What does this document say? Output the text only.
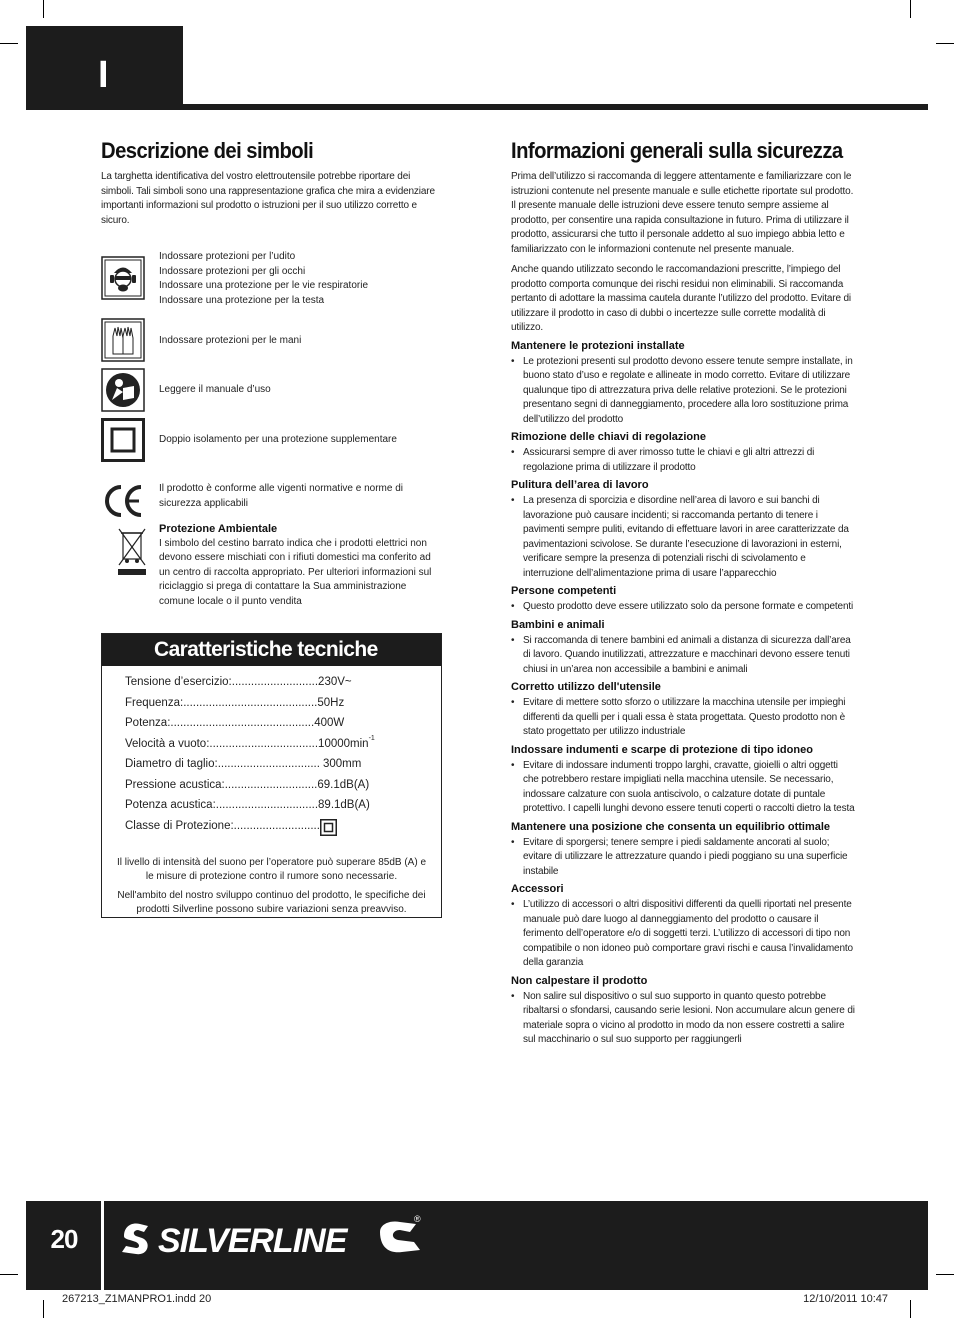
I
Descrizione dei simboli

La targhetta identificativa del vostro elettroutensile potrebbe riportare dei simboli. Tali simboli sono una rappresentazione grafica che mira a evidenziare importanti informazioni sul prodotto o istruzioni per il suo utilizzo corretto e sicuro.

Indossare protezioni per l’udito
Indossare protezioni per gli occhi
Indossare una protezione per le vie respiratorie
Indossare una protezione per la testa
Indossare protezioni per le mani
Leggere il manuale d’uso
Doppio isolamento per una protezione supplementare
Il prodotto è conforme alle vigenti normative e norme di sicurezza applicabili
Protezione Ambientale
I simbolo del cestino barrato indica che i prodotti elettrici non devono essere mischiati con i rifiuti domestici ma conferito ad un centro di raccolta appropriato. Per ulteriori informazioni sul riciclaggio si prega di contattare la Sua amministrazione comune locale o il punto vendita
Caratteristiche tecniche
Tensione d’esercizio: ........................... 230V~
Frequenza: .......................................... 50Hz
Potenza: ............................................. 400W
Velocità a vuoto: .................................. 10000min -1
Diametro di taglio: ................................ 300mm
Pressione acustica: ............................. 69.1dB(A)
Potenza acustica: ................................ 89.1dB(A)
Classe di Protezione: ...........................

Il livello di intensità del suono per l’operatore può superare 85dB (A) e le misure di protezione contro il rumore sono necessarie.

Nell'ambito del nostro sviluppo continuo del prodotto, le specifiche dei prodotti Silverline possono subire variazioni senza preavviso.

Informazioni generali sulla sicurezza

Prima dell’utilizzo si raccomanda di leggere attentamente e familiarizzare con le istruzioni contenute nel presente manuale e sulle etichette riportate sul prodotto. Il presente manuale delle istruzioni deve essere tenuto sempre assieme al prodotto, per consentire una rapida consultazione in futuro. Prima di utilizzare il prodotto, assicurarsi che tutto il personale addetto al suo impiego abbia letto e familiarizzato con le informazioni contenute nel presente manuale.

Anche quando utilizzato secondo le raccomandazioni prescritte, l’impiego del prodotto comporta comunque dei rischi residui non eliminabili. Si raccomanda pertanto di adottare la massima cautela durante l’utilizzo del prodotto. Evitare di utilizzare il prodotto in caso di dubbi o incertezze sulle corrette modalità di utilizzo.

Mantenere le protezioni installate
• Le protezioni presenti sul prodotto devono essere tenute sempre installate, in buono stato d’uso e regolate e allineate in modo corretto. Evitare di utilizzare qualunque tipo di attrezzatura priva delle relative protezioni. Se le protezioni presentano segni di danneggiamento, procedere alla loro sostituzione prima dell’utilizzo del prodotto
Rimozione delle chiavi di regolazione
• Assicurarsi sempre di aver rimosso tutte le chiavi e gli altri attrezzi di regolazione prima di utilizzare il prodotto
Pulitura dell’area di lavoro
• La presenza di sporcizia e disordine nell’area di lavoro e sui banchi di lavorazione può causare incidenti; si raccomanda pertanto di tenere i pavimenti sempre puliti, evitando di effettuare lavori in aree caratterizzate da pavimentazioni scivolose. Se durante l’esecuzione di lavorazioni in esterni, verificare sempre la presenza di potenziali rischi di scivolamento e interruzione dell’alimentazione prima di usare l’apparecchio
Persone competenti
• Questo prodotto deve essere utilizzato solo da persone formate e competenti
Bambini e animali
• Si raccomanda di tenere bambini ed animali a distanza di sicurezza dall’area di lavoro. Quando inutilizzati, attrezzature e macchinari devono essere tenuti chiusi in un’area non accessibile a bambini e animali
Corretto utilizzo dell'utensile
• Evitare di mettere sotto sforzo o utilizzare la macchina utensile per impieghi differenti da quelli per i quali essa è stata progettata. Questo prodotto non è stato progettato per utilizzo industriale
Indossare indumenti e scarpe di protezione di tipo idoneo
• Evitare di indossare indumenti troppo larghi, cravatte, gioielli o altri oggetti che potrebbero restare impigliati nella macchina utensile. Se necessario, indossare calzature con suola antiscivolo, o calzature dotate di puntale protettivo. I capelli lunghi devono essere tenuti coperti o raccolti dietro la testa
Mantenere una posizione che consenta un equilibrio ottimale
• Evitare di sporgersi; tenere sempre i piedi saldamente ancorati al suolo; evitare di utilizzare le attrezzature quando i piedi poggiano su una superficie instabile
Accessori
• L’utilizzo di accessori o altri dispositivi differenti da quelli riportati nel presente manuale può dare luogo al danneggiamento del prodotto o causare il ferimento dell’operatore e/o di soggetti terzi. L’utilizzo di accessori di tipo non compatibile o non idoneo può comportare gravi rischi e causa l’invalidamento della garanzia
Non calpestare il prodotto
• Non salire sul dispositivo o sul suo supporto in quanto questo potrebbe ribaltarsi o sfondarsi, causando serie lesioni. Non accumulare alcun genere di materiale sopra o vicino al prodotto in modo da non essere costretti a salire sul macchinario o sul suo supporto per raggiungerli
20	SILVERLINE
®
267213_Z1MANPRO1.indd 20	12/10/2011 10:47
